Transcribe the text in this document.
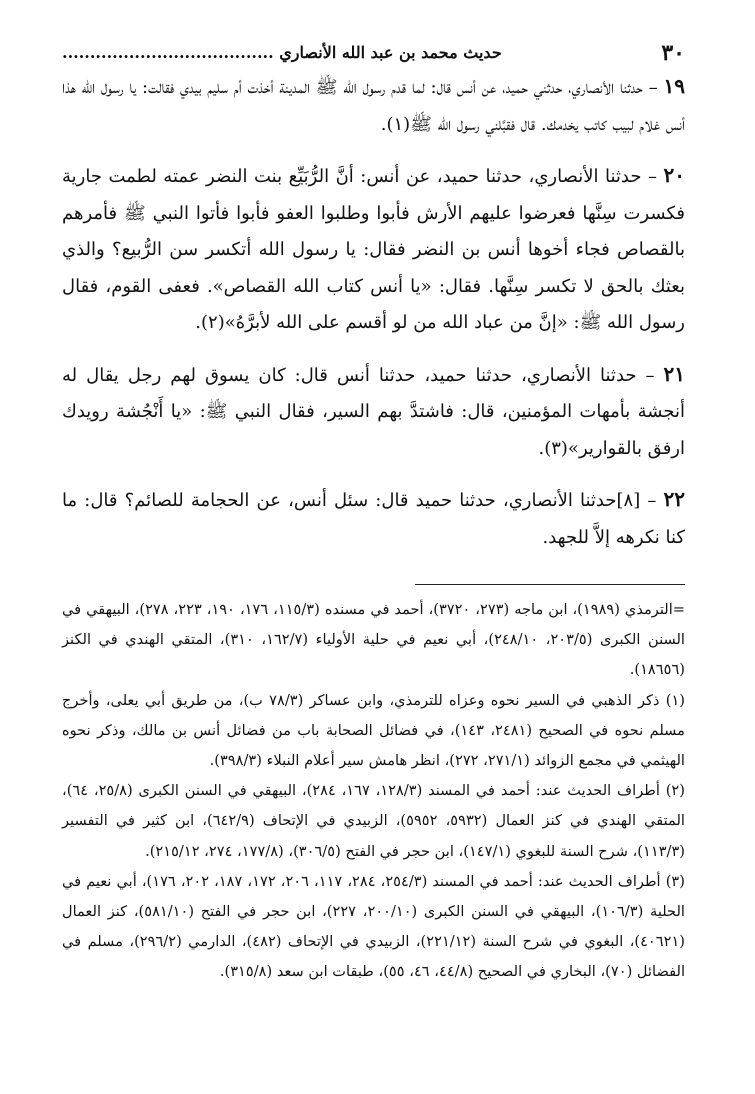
٣٠
حديث محمد بن عبد الله الأنصاري ......................................

١٩ – حدثنا الأنصاري، حدثني حميد، عن أنس قال: لما قدم رسول الله ﷺ المدينة أخذت أم سليم بيدي فقالت: يا رسول الله هذا أنس غلام لبيب كاتب يخدمك. قال فقبَّلني رسول الله ﷺ(١).

٢٠ – حدثنا الأنصاري، حدثنا حميد، عن أنس: أنَّ الرُّبَيِّع بنت النضر عمته لطمت جارية فكسرت سِنَّها فعرضوا عليهم الأرش فأبوا وطلبوا العفو فأبوا فأتوا النبي ﷺ فأمرهم بالقصاص فجاء أخوها أنس بن النضر فقال: يا رسول الله أتكسر سن الرُّبيع؟ والذي بعثك بالحق لا تكسر سِنَّها. فقال: «يا أنس كتاب الله القصاص». فعفى القوم، فقال رسول الله ﷺ: «إنَّ من عباد الله من لو أقسم على الله لأبرَّهُ»(٢).

٢١ – حدثنا الأنصاري، حدثنا حميد، حدثنا أنس قال: كان يسوق لهم رجل يقال له أنجشة بأمهات المؤمنين، قال: فاشتدَّ بهم السير، فقال النبي ﷺ: «يا أَنْجُشة رويدك ارفق بالقوارير»(٣).

٢٢ – [٨]حدثنا الأنصاري، حدثنا حميد قال: سئل أنس، عن الحجامة للصائم؟ قال: ما كنا نكرهه إلاَّ للجهد.

=الترمذي (١٩٨٩)، ابن ماجه (٢٧٣، ٣٧٢٠)، أحمد في مسنده (١١٥/٣، ١٧٦، ١٩٠، ٢٢٣، ٢٧٨)، البيهقي في السنن الكبرى (٢٠٣/٥، ٢٤٨/١٠)، أبي نعيم في حلية الأولياء (١٦٢/٧، ٣١٠)، المتقي الهندي في الكنز (١٨٦٥٦).

(١) ذكر الذهبي في السير نحوه وعزاه للترمذي، وابن عساكر (٧٨/٣ ب)، من طريق أبي يعلى، وأخرج مسلم نحوه في الصحيح (٢٤٨١، ١٤٣)، في فضائل الصحابة باب من فضائل أنس بن مالك، وذكر نحوه الهيثمي في مجمع الزوائد (٢٧١/١، ٢٧٢)، انظر هامش سير أعلام النبلاء (٣٩٨/٣).

(٢) أطراف الحديث عند: أحمد في المسند (١٢٨/٣، ١٦٧، ٢٨٤)، البيهقي في السنن الكبرى (٢٥/٨، ٦٤)، المتقي الهندي في كنز العمال (٥٩٣٢، ٥٩٥٢)، الزبيدي في الإتحاف (٦٤٢/٩)، ابن كثير في التفسير (١١٣/٣)، شرح السنة للبغوي (١٤٧/١)، ابن حجر في الفتح (٣٠٦/٥)، (١٧٧/٨، ٢٧٤، ٢١٥/١٢).

(٣) أطراف الحديث عند: أحمد في المسند (٢٥٤/٣، ٢٨٤، ١١٧، ٢٠٦، ١٧٢، ١٨٧، ٢٠٢، ١٧٦)، أبي نعيم في الحلية (١٠٦/٣)، البيهقي في السنن الكبرى (٢٠٠/١٠، ٢٢٧)، ابن حجر في الفتح (٥٨١/١٠)، كنز العمال (٤٠٦٢١)، البغوي في شرح السنة (٢٢١/١٢)، الزبيدي في الإتحاف (٤٨٢)، الدارمي (٢٩٦/٢)، مسلم في الفضائل (٧٠)، البخاري في الصحيح (٤٤/٨، ٤٦، ٥٥)، طبقات ابن سعد (٣١٥/٨).
